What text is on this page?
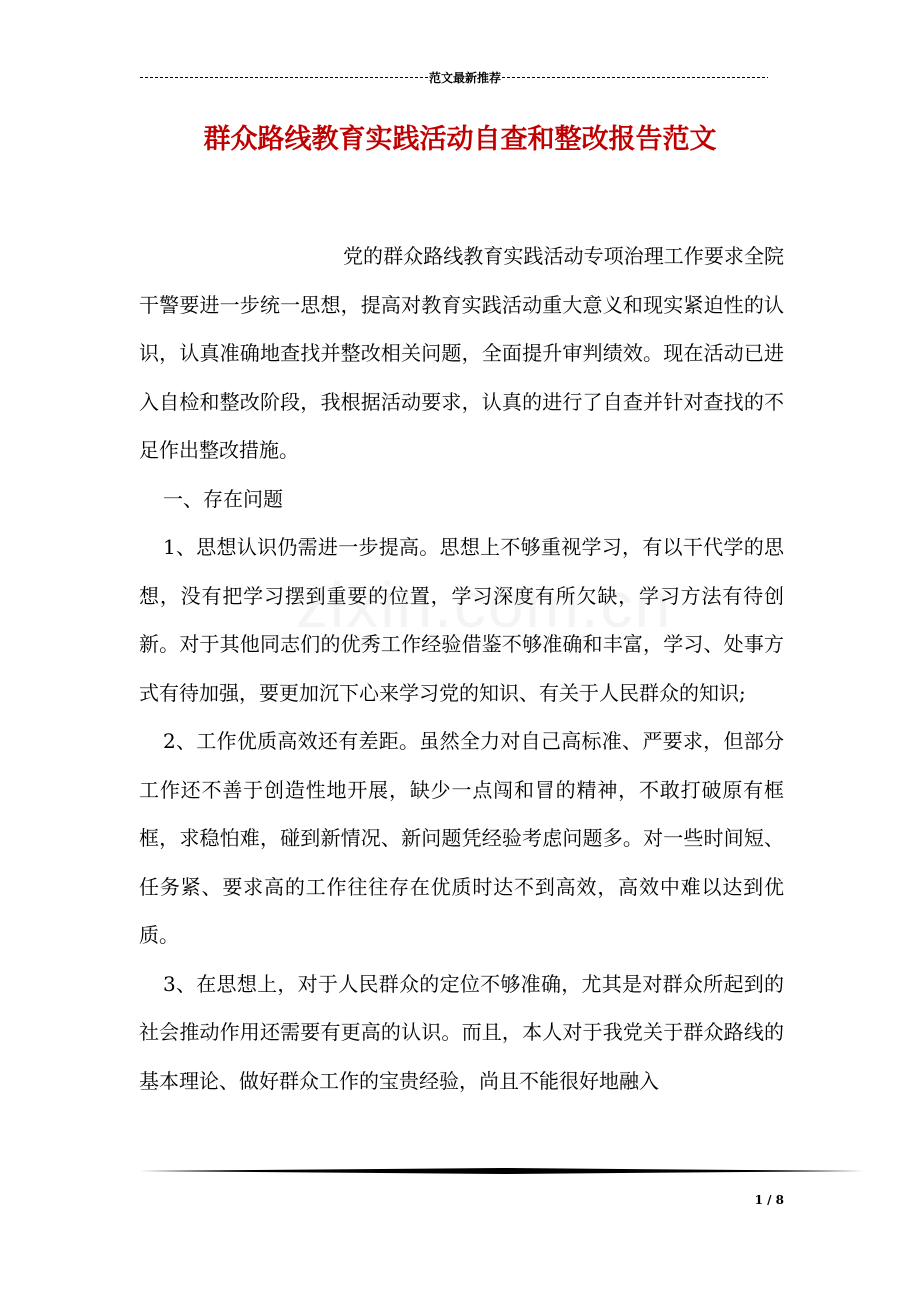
范文最新推荐
群众路线教育实践活动自查和整改报告范文

党的群众路线教育实践活动专项治理工作要求全院干警要进一步统一思想，提高对教育实践活动重大意义和现实紧迫性的认识，认真准确地查找并整改相关问题，全面提升审判绩效。现在活动已进入自检和整改阶段，我根据活动要求，认真的进行了自查并针对查找的不足作出整改措施。

一、存在问题

1、思想认识仍需进一步提高。思想上不够重视学习，有以干代学的思想，没有把学习摆到重要的位置，学习深度有所欠缺，学习方法有待创新。对于其他同志们的优秀工作经验借鉴不够准确和丰富，学习、处事方式有待加强，要更加沉下心来学习党的知识、有关于人民群众的知识;

2、工作优质高效还有差距。虽然全力对自己高标准、严要求，但部分工作还不善于创造性地开展，缺少一点闯和冒的精神，不敢打破原有框框，求稳怕难，碰到新情况、新问题凭经验考虑问题多。对一些时间短、任务紧、要求高的工作往往存在优质时达不到高效，高效中难以达到优质。

3、在思想上，对于人民群众的定位不够准确，尤其是对群众所起到的社会推动作用还需要有更高的认识。而且，本人对于我党关于群众路线的基本理论、做好群众工作的宝贵经验，尚且不能很好地融入

1 / 8
